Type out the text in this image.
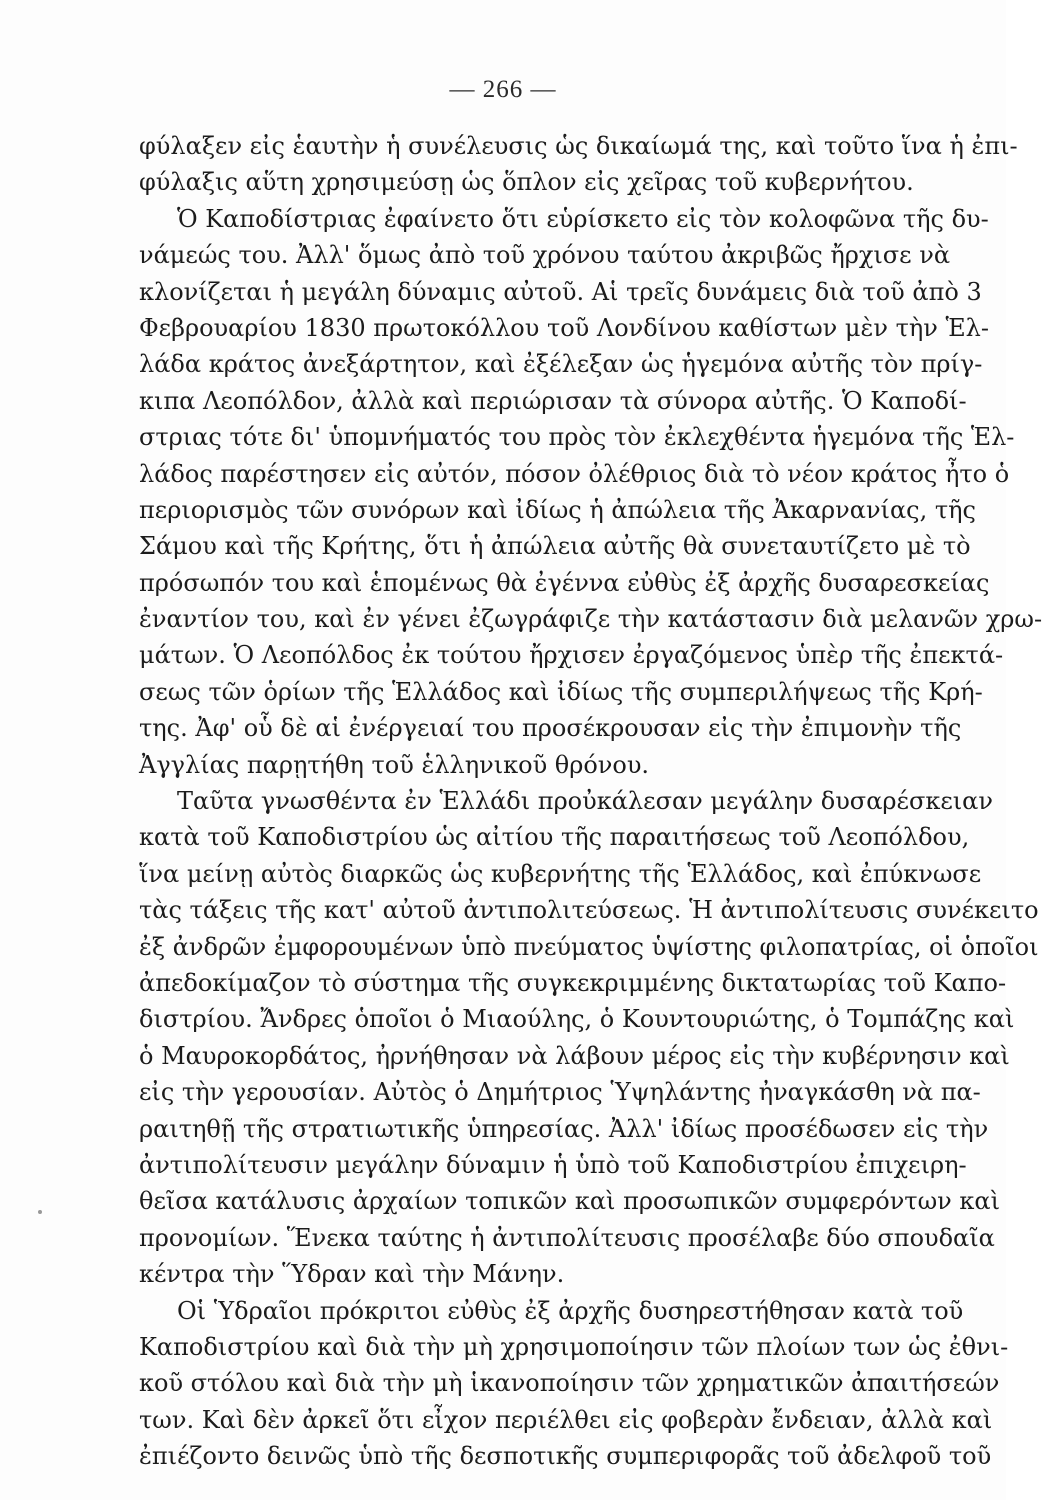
— 266 —
φύλαξεν εἰς ἑαυτὴν ἡ συνέλευσις ὡς δικαίωμά της, καὶ τοῦτο ἵνα ἡ ἐπι-
φύλαξις αὕτη χρησιμεύσῃ ὡς ὅπλον εἰς χεῖρας τοῦ κυβερνήτου.
Ὁ Καποδίστριας ἐφαίνετο ὅτι εὑρίσκετο εἰς τὸν κολοφῶνα τῆς δυ-
νάμεώς του. Ἀλλ' ὅμως ἀπὸ τοῦ χρόνου ταύτου ἀκριβῶς ἤρχισε νὰ
κλονίζεται ἡ μεγάλη δύναμις αὐτοῦ. Αἱ τρεῖς δυνάμεις διὰ τοῦ ἀπὸ 3
Φεβρουαρίου 1830 πρωτοκόλλου τοῦ Λονδίνου καθίστων μὲν τὴν Ἑλ-
λάδα κράτος ἀνεξάρτητον, καὶ ἐξέλεξαν ὡς ἡγεμόνα αὐτῆς τὸν πρίγ-
κιπα Λεοπόλδον, ἀλλὰ καὶ περιώρισαν τὰ σύνορα αὐτῆς. Ὁ Καποδί-
στριας τότε δι' ὑπομνήματός του πρὸς τὸν ἐκλεχθέντα ἡγεμόνα τῆς Ἑλ-
λάδος παρέστησεν εἰς αὐτόν, πόσον ὀλέθριος διὰ τὸ νέον κράτος ἦτο ὁ
περιορισμὸς τῶν συνόρων καὶ ἰδίως ἡ ἀπώλεια τῆς Ἀκαρνανίας, τῆς
Σάμου καὶ τῆς Κρήτης, ὅτι ἡ ἀπώλεια αὐτῆς θὰ συνεταυτίζετο μὲ τὸ
πρόσωπόν του καὶ ἑπομένως θὰ ἐγέννα εὐθὺς ἐξ ἀρχῆς δυσαρεσκείας
ἐναντίον του, καὶ ἐν γένει ἐζωγράφιζε τὴν κατάστασιν διὰ μελανῶν χρω-
μάτων. Ὁ Λεοπόλδος ἐκ τούτου ἤρχισεν ἐργαζόμενος ὑπὲρ τῆς ἐπεκτά-
σεως τῶν ὁρίων τῆς Ἑλλάδος καὶ ἰδίως τῆς συμπεριλήψεως τῆς Κρή-
της. Ἀφ' οὗ δὲ αἱ ἐνέργειαί του προσέκρουσαν εἰς τὴν ἐπιμονὴν τῆς
Ἀγγλίας παρῃτήθη τοῦ ἑλληνικοῦ θρόνου.
Ταῦτα γνωσθέντα ἐν Ἑλλάδι προὐκάλεσαν μεγάλην δυσαρέσκειαν
κατὰ τοῦ Καποδιστρίου ὡς αἰτίου τῆς παραιτήσεως τοῦ Λεοπόλδου,
ἵνα μείνῃ αὐτὸς διαρκῶς ὡς κυβερνήτης τῆς Ἑλλάδος, καὶ ἐπύκνωσε
τὰς τάξεις τῆς κατ' αὐτοῦ ἀντιπολιτεύσεως. Ἡ ἀντιπολίτευσις συνέκειτο
ἐξ ἀνδρῶν ἐμφορουμένων ὑπὸ πνεύματος ὑψίστης φιλοπατρίας, οἱ ὁποῖοι
ἀπεδοκίμαζον τὸ σύστημα τῆς συγκεκριμμένης δικτατωρίας τοῦ Καπο-
διστρίου. Ἄνδρες ὁποῖοι ὁ Μιαούλης, ὁ Κουντουριώτης, ὁ Τομπάζης καὶ
ὁ Μαυροκορδάτος, ἠρνήθησαν νὰ λάβουν μέρος εἰς τὴν κυβέρνησιν καὶ
εἰς τὴν γερουσίαν. Αὐτὸς ὁ Δημήτριος Ὑψηλάντης ἠναγκάσθη νὰ πα-
ραιτηθῇ τῆς στρατιωτικῆς ὑπηρεσίας. Ἀλλ' ἰδίως προσέδωσεν εἰς τὴν
ἀντιπολίτευσιν μεγάλην δύναμιν ἡ ὑπὸ τοῦ Καποδιστρίου ἐπιχειρη-
θεῖσα κατάλυσις ἀρχαίων τοπικῶν καὶ προσωπικῶν συμφερόντων καὶ
προνομίων. Ἕνεκα ταύτης ἡ ἀντιπολίτευσις προσέλαβε δύο σπουδαῖα
κέντρα τὴν Ὕδραν καὶ τὴν Μάνην.
Οἱ Ὑδραῖοι πρόκριτοι εὐθὺς ἐξ ἀρχῆς δυσηρεστήθησαν κατὰ τοῦ
Καποδιστρίου καὶ διὰ τὴν μὴ χρησιμοποίησιν τῶν πλοίων των ὡς ἐθνι-
κοῦ στόλου καὶ διὰ τὴν μὴ ἱκανοποίησιν τῶν χρηματικῶν ἀπαιτήσεών
των. Καὶ δὲν ἀρκεῖ ὅτι εἶχον περιέλθει εἰς φοβερὰν ἔνδειαν, ἀλλὰ καὶ
ἐπιέζοντο δεινῶς ὑπὸ τῆς δεσποτικῆς συμπεριφορᾶς τοῦ ἀδελφοῦ τοῦ
